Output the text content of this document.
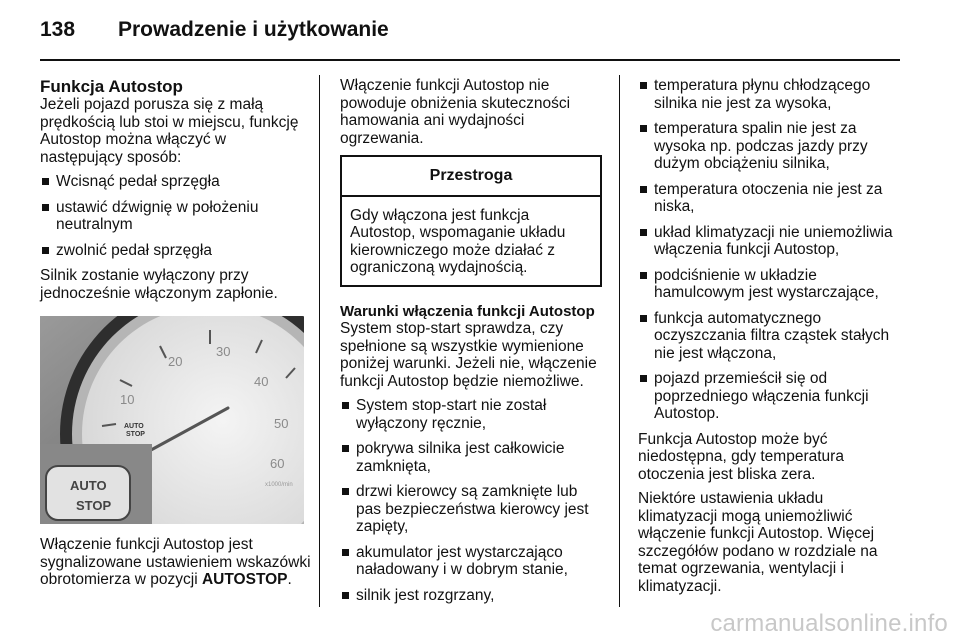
138 Prowadzenie i użytkowanie
Funkcja Autostop

Jeżeli pojazd porusza się z małą prędkością lub stoi w miejscu, funkcję Autostop można włączyć w następujący sposób:

Wcisnąć pedał sprzęgła
ustawić dźwignię w położeniu neutralnym
zwolnić pedał sprzęgła

Silnik zostanie wyłączony przy jednocześnie włączonym zapłonie.

10
20
30
40
50
60
AUTO STOP
x1000/min
AUTO
STOP

Włączenie funkcji Autostop jest sygnalizowane ustawieniem wskazówki obrotomierza w pozycji AUTOSTOP.

Włączenie funkcji Autostop nie powoduje obniżenia skuteczności hamowania ani wydajności ogrzewania.

Przestroga
Gdy włączona jest funkcja Autostop, wspomaganie układu kierowniczego może działać z ograniczoną wydajnością.
Warunki włączenia funkcji Autostop

System stop-start sprawdza, czy spełnione są wszystkie wymienione poniżej warunki. Jeżeli nie, włączenie funkcji Autostop będzie niemożliwe.

System stop-start nie został wyłączony ręcznie,
pokrywa silnika jest całkowicie zamknięta,
drzwi kierowcy są zamknięte lub pas bezpieczeństwa kierowcy jest zapięty,
akumulator jest wystarczająco naładowany i w dobrym stanie,
silnik jest rozgrzany,
temperatura płynu chłodzącego silnika nie jest za wysoka,
temperatura spalin nie jest za wysoka np. podczas jazdy przy dużym obciążeniu silnika,
temperatura otoczenia nie jest za niska,
układ klimatyzacji nie uniemożliwia włączenia funkcji Autostop,
podciśnienie w układzie hamulcowym jest wystarczające,
funkcja automatycznego oczyszczania filtra cząstek stałych nie jest włączona,
pojazd przemieścił się od poprzedniego włączenia funkcji Autostop.

Funkcja Autostop może być niedostępna, gdy temperatura otoczenia jest bliska zera.

Niektóre ustawienia układu klimatyzacji mogą uniemożliwić włączenie funkcji Autostop. Więcej szczegółów podano w rozdziale na temat ogrzewania, wentylacji i klimatyzacji.

carmanualsonline.info
